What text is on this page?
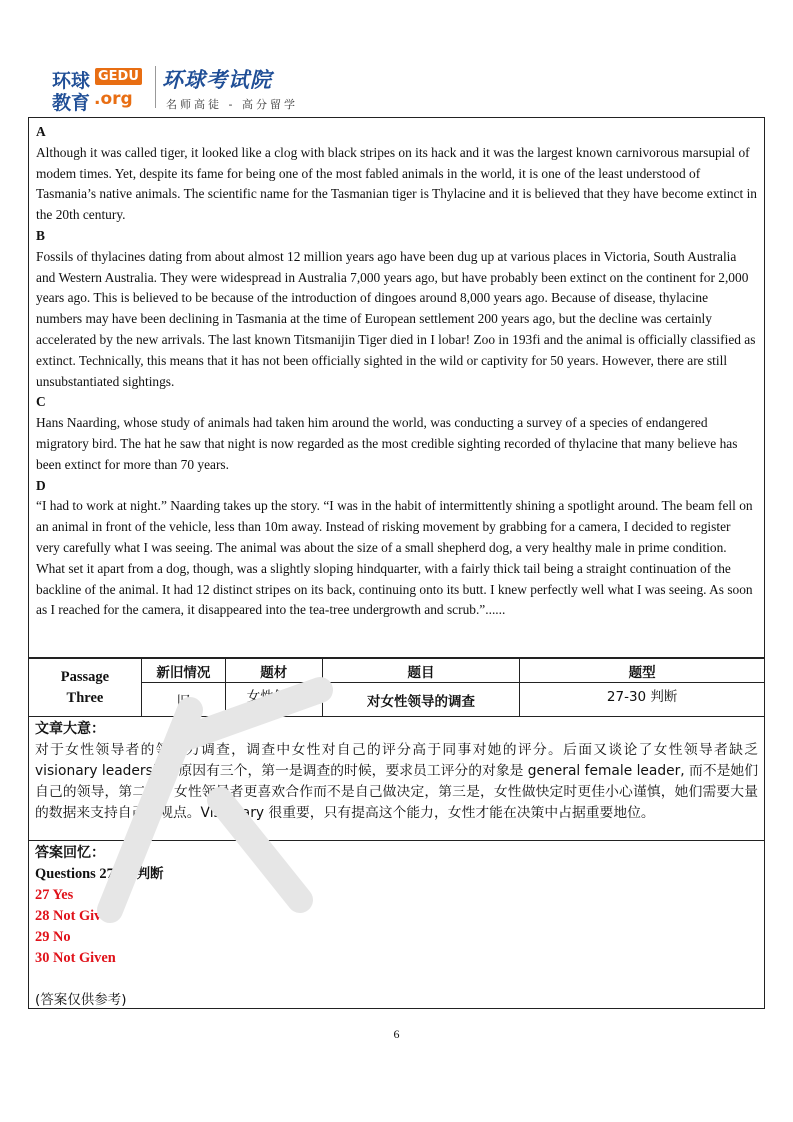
环球 GEDU
教育 .org
环球考试院
名师高徒 - 高分留学

A

Although it was called tiger, it looked like a clog with black stripes on its hack and it was the largest known carnivorous marsupial of modem times. Yet, despite its fame for being one of the most fabled animals in the world, it is one of the least understood of Tasmania’s native animals. The scientific name for the Tasmanian tiger is Thylacine and it is believed that they have become extinct in the 20th century.

B

Fossils of thylacines dating from about almost 12 million years ago have been dug up at various places in Victoria, South Australia and Western Australia. They were widespread in Australia 7,000 years ago, but have probably been extinct on the continent for 2,000 years ago. This is believed to be because of the introduction of dingoes around 8,000 years ago. Because of disease, thylacine numbers may have been declining in Tasmania at the time of European settlement 200 years ago, but the decline was certainly accelerated by the new arrivals. The last known Titsmanijin Tiger died in I lobar! Zoo in 193fi and the animal is officially classified as extinct. Technically, this means that it has not been officially sighted in the wild or captivity for 50 years. However, there are still unsubstantiated sightings.

C

Hans Naarding, whose study of animals had taken him around the world, was conducting a survey of a species of endangered migratory bird. The hat he saw that night is now regarded as the most credible sighting recorded of thylacine that many believe has been extinct for more than 70 years.

D

“I had to work at night.” Naarding takes up the story. “I was in the habit of intermittently shining a spotlight around. The beam fell on an animal in front of the vehicle, less than 10m away. Instead of risking movement by grabbing for a camera, I decided to register very carefully what I was seeing. The animal was about the size of a small shepherd dog, a very healthy male in prime condition. What set it apart from a dog, though, was a slightly sloping hindquarter, with a fairly thick tail being a straight continuation of the backline of the animal. It had 12 distinct stripes on its back, continuing onto its butt. I knew perfectly well what I was seeing. As soon as I reached for the camera, it disappeared into the tea-tree undergrowth and scrub.”......

Passage
Three	新旧情况	题材	题目	题型
	旧	女性领袖	对女性领导的调查	27-30 判断
文章大意：
对于女性领导者的领导力调查，调查中女性对自己的评分高于同事对她的评分。后面又谈论了女性领导者缺乏 visionary leadership,原因有三个，第一是调查的时候，要求员工评分的对象是 general female leader, 而不是她们自己的领导，第二是，女性领导者更喜欢合作而不是自己做决定，第三是，女性做快定时更佳小心谨慎，她们需要大量的数据来支持自己的观点。Visionary 很重要，只有提高这个能力，女性才能在决策中占据重要地位。
答案回忆：
Questions 27-30 判断
27 Yes
28 Not Given
29 No
30 Not Given
(答案仅供参考)
6
